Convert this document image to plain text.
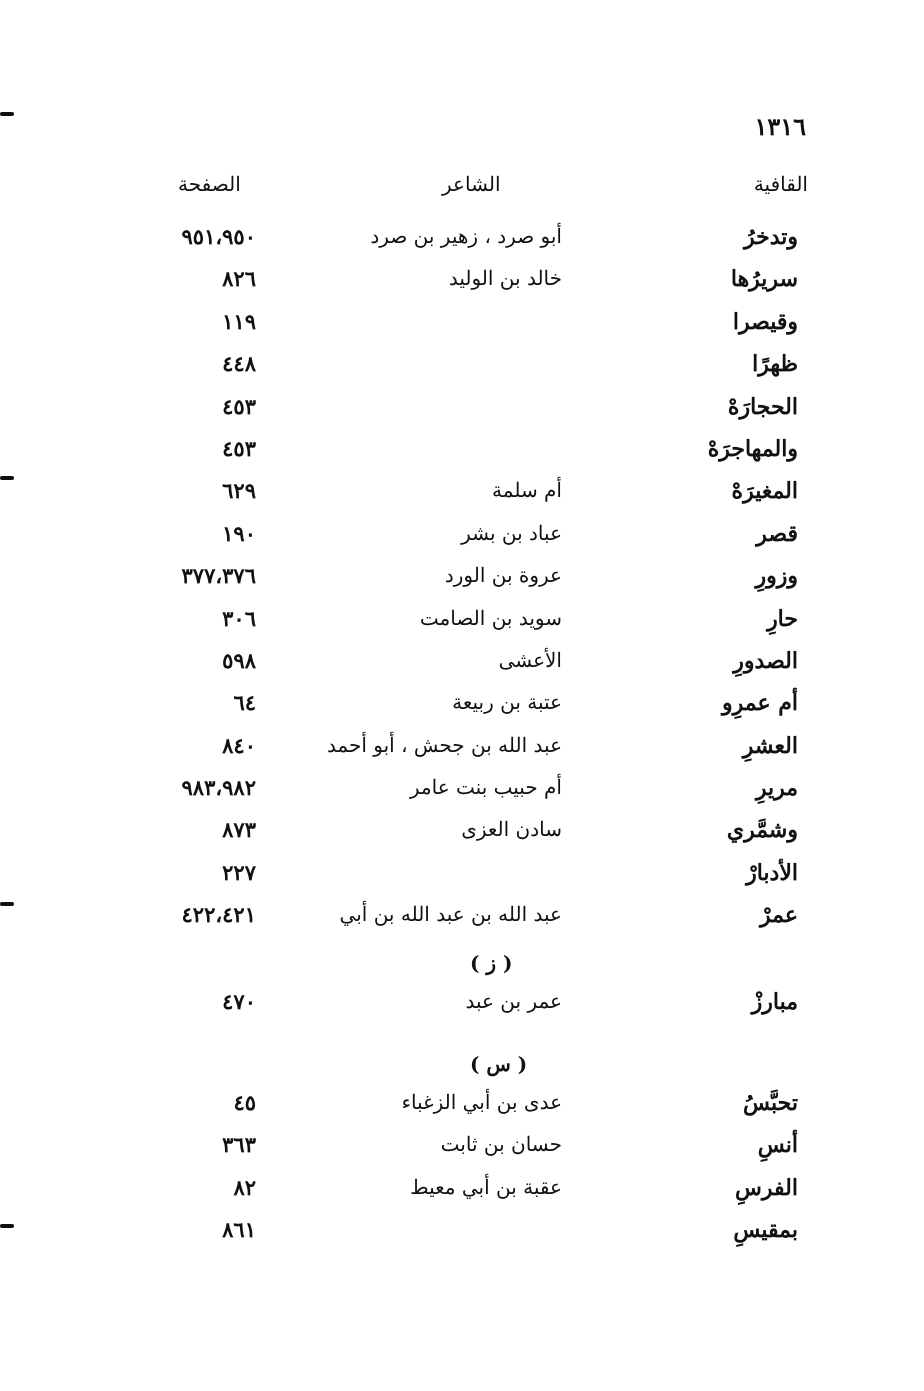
١٣١٦
القافية
الشاعر
الصفحة
وتدخرُ
أبو صرد ، زهير بن صرد
٩٥١،٩٥٠
سريرُها
خالد بن الوليد
٨٢٦
وقيصرا
١١٩
ظهرًا
٤٤٨
الحجارَهْ
٤٥٣
والمهاجرَهْ
٤٥٣
المغيرَهْ
أم سلمة
٦٢٩
قصر
عباد بن بشر
١٩٠
وزورِ
عروة بن الورد
٣٧٧،٣٧٦
حارِ
سويد بن الصامت
٣٠٦
الصدورِ
الأعشى
٥٩٨
أم عمرِو
عتبة بن ربيعة
٦٤
العشرِ
عبد الله بن جحش ، أبو أحمد
٨٤٠
مريرِ
أم حبيب بنت عامر
٩٨٣،٩٨٢
وشمَّري
سادن العزى
٨٧٣
الأدبارْ
٢٢٧
عمرْ
عبد الله بن عبد الله بن أبي
٤٢٢،٤٢١
( ز )
مبارزْ
عمر بن عبد
٤٧٠
( س )
تحبَّسُ
عدى بن أبي الزغباء
٤٥
أنسِ
حسان بن ثابت
٣٦٣
الفرسِ
عقبة بن أبي معيط
٨٢
بمقيسِ
٨٦١
